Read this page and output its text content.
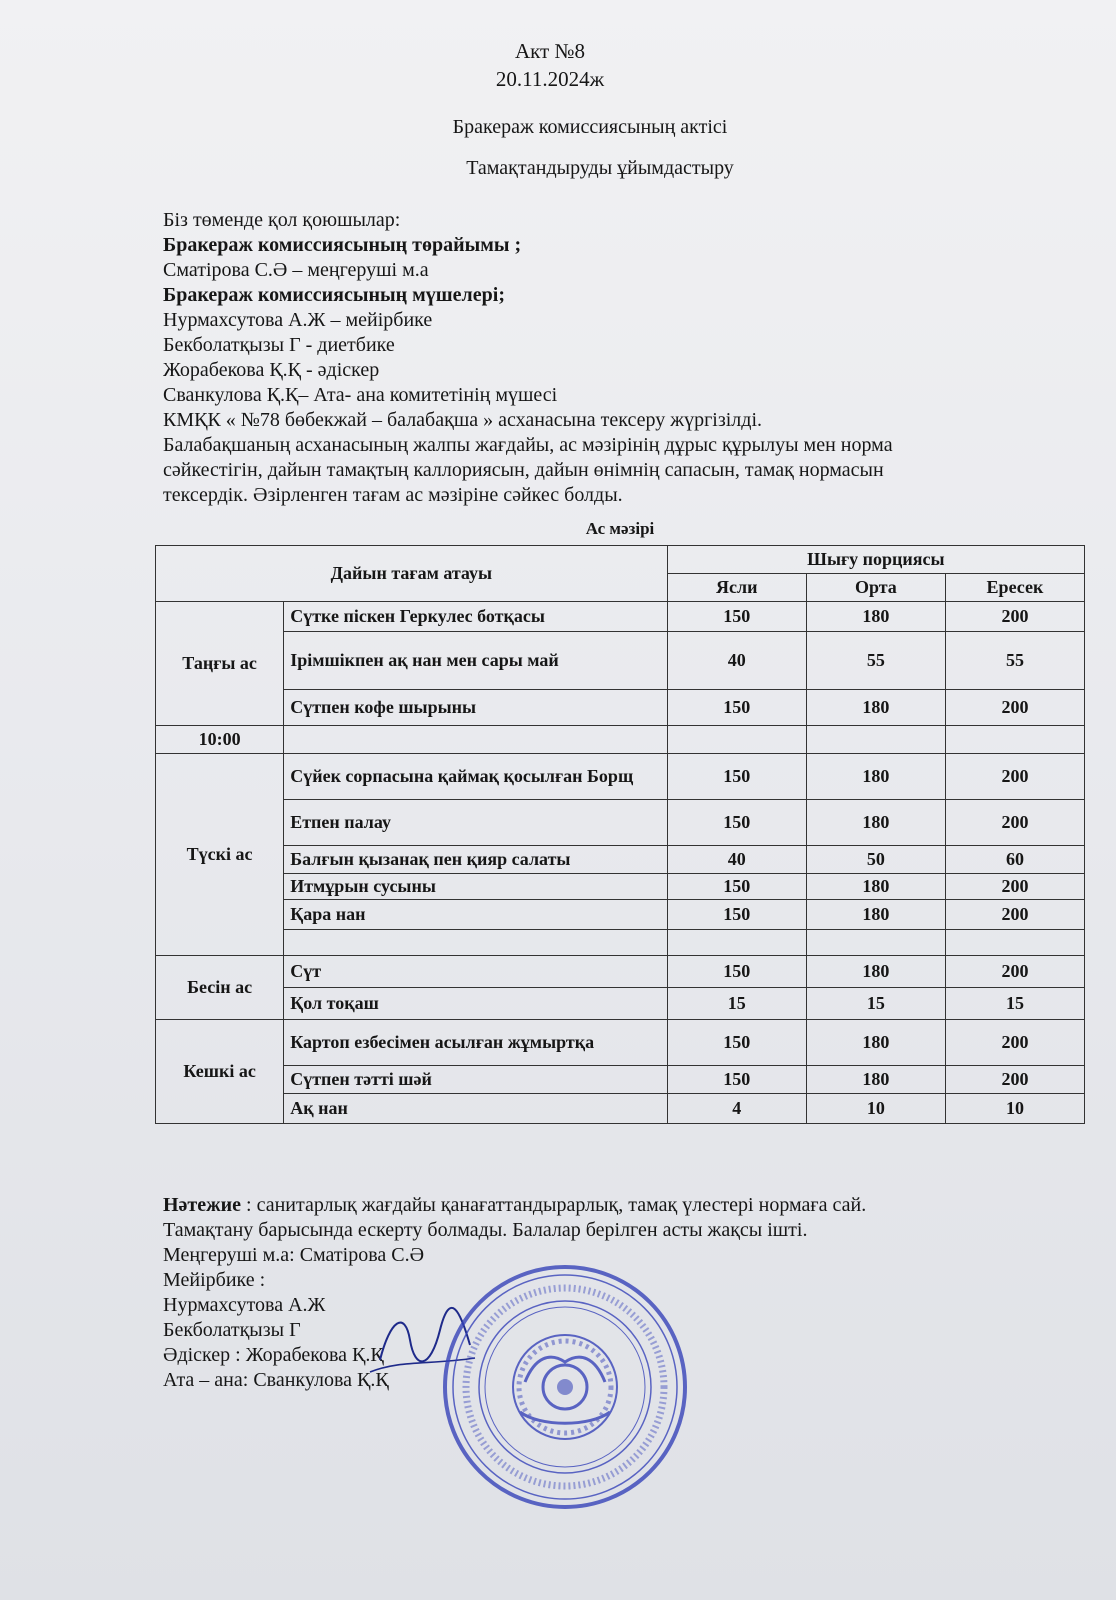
Акт №8
20.11.2024ж
Бракераж комиссиясының актісі
Тамақтандыруды ұйымдастыру
Біз төменде қол қоюшылар:
Бракераж комиссиясының төрайымы ;
Сматірова С.Ә – меңгеруші м.а
Бракераж комиссиясының мүшелері;
Нурмахсутова А.Ж – мейірбике
Бекболатқызы Г - диетбике
Жорабекова Қ.Қ - әдіскер
Сванкулова Қ.Қ– Ата- ана комитетінің мүшесі
КМҚК « №78 бөбекжай – балабақша » асханасына тексеру жүргізілді.
Балабақшаның асханасының жалпы жағдайы, ас мәзірінің дұрыс құрылуы мен норма
сәйкестігін, дайын тамақтың каллориясын, дайын өнімнің сапасын, тамақ нормасын
тексердік. Әзірленген тағам ас мәзіріне сәйкес болды.
Ас мәзірі
Дайын тағам атауы		Шығу порциясы		
		Ясли	Орта	Ересек
Таңғы ас	Сүтке піскен Геркулес ботқасы	150	180	200
	Ірімшікпен ақ нан мен сары май	40	55	55
	Сүтпен кофе шырыны	150	180	200
10:00				
Түскі ас	Сүйек сорпасына қаймақ қосылған Борщ	150	180	200
	Етпен палау	150	180	200
	Балғын қызанақ пен қияр салаты	40	50	60
	Итмұрын сусыны	150	180	200
	Қара нан	150	180	200

Бесін ас	Сүт	150	180	200
	Қол тоқаш	15	15	15
Кешкі ас	Картоп езбесімен асылған жұмыртқа	150	180	200
	Сүтпен тәтті шәй	150	180	200
	Ақ нан	4	10	10
Нәтежие : санитарлық жағдайы қанағаттандырарлық, тамақ үлестері нормаға сай.
Тамақтану барысында ескерту болмады. Балалар берілген асты жақсы ішті.
Меңгеруші м.а: Сматірова С.Ә
Мейірбике :
Нурмахсутова А.Ж
Бекболатқызы Г
Әдіскер : Жорабекова Қ.Қ
Ата – ана: Сванкулова Қ.Қ
